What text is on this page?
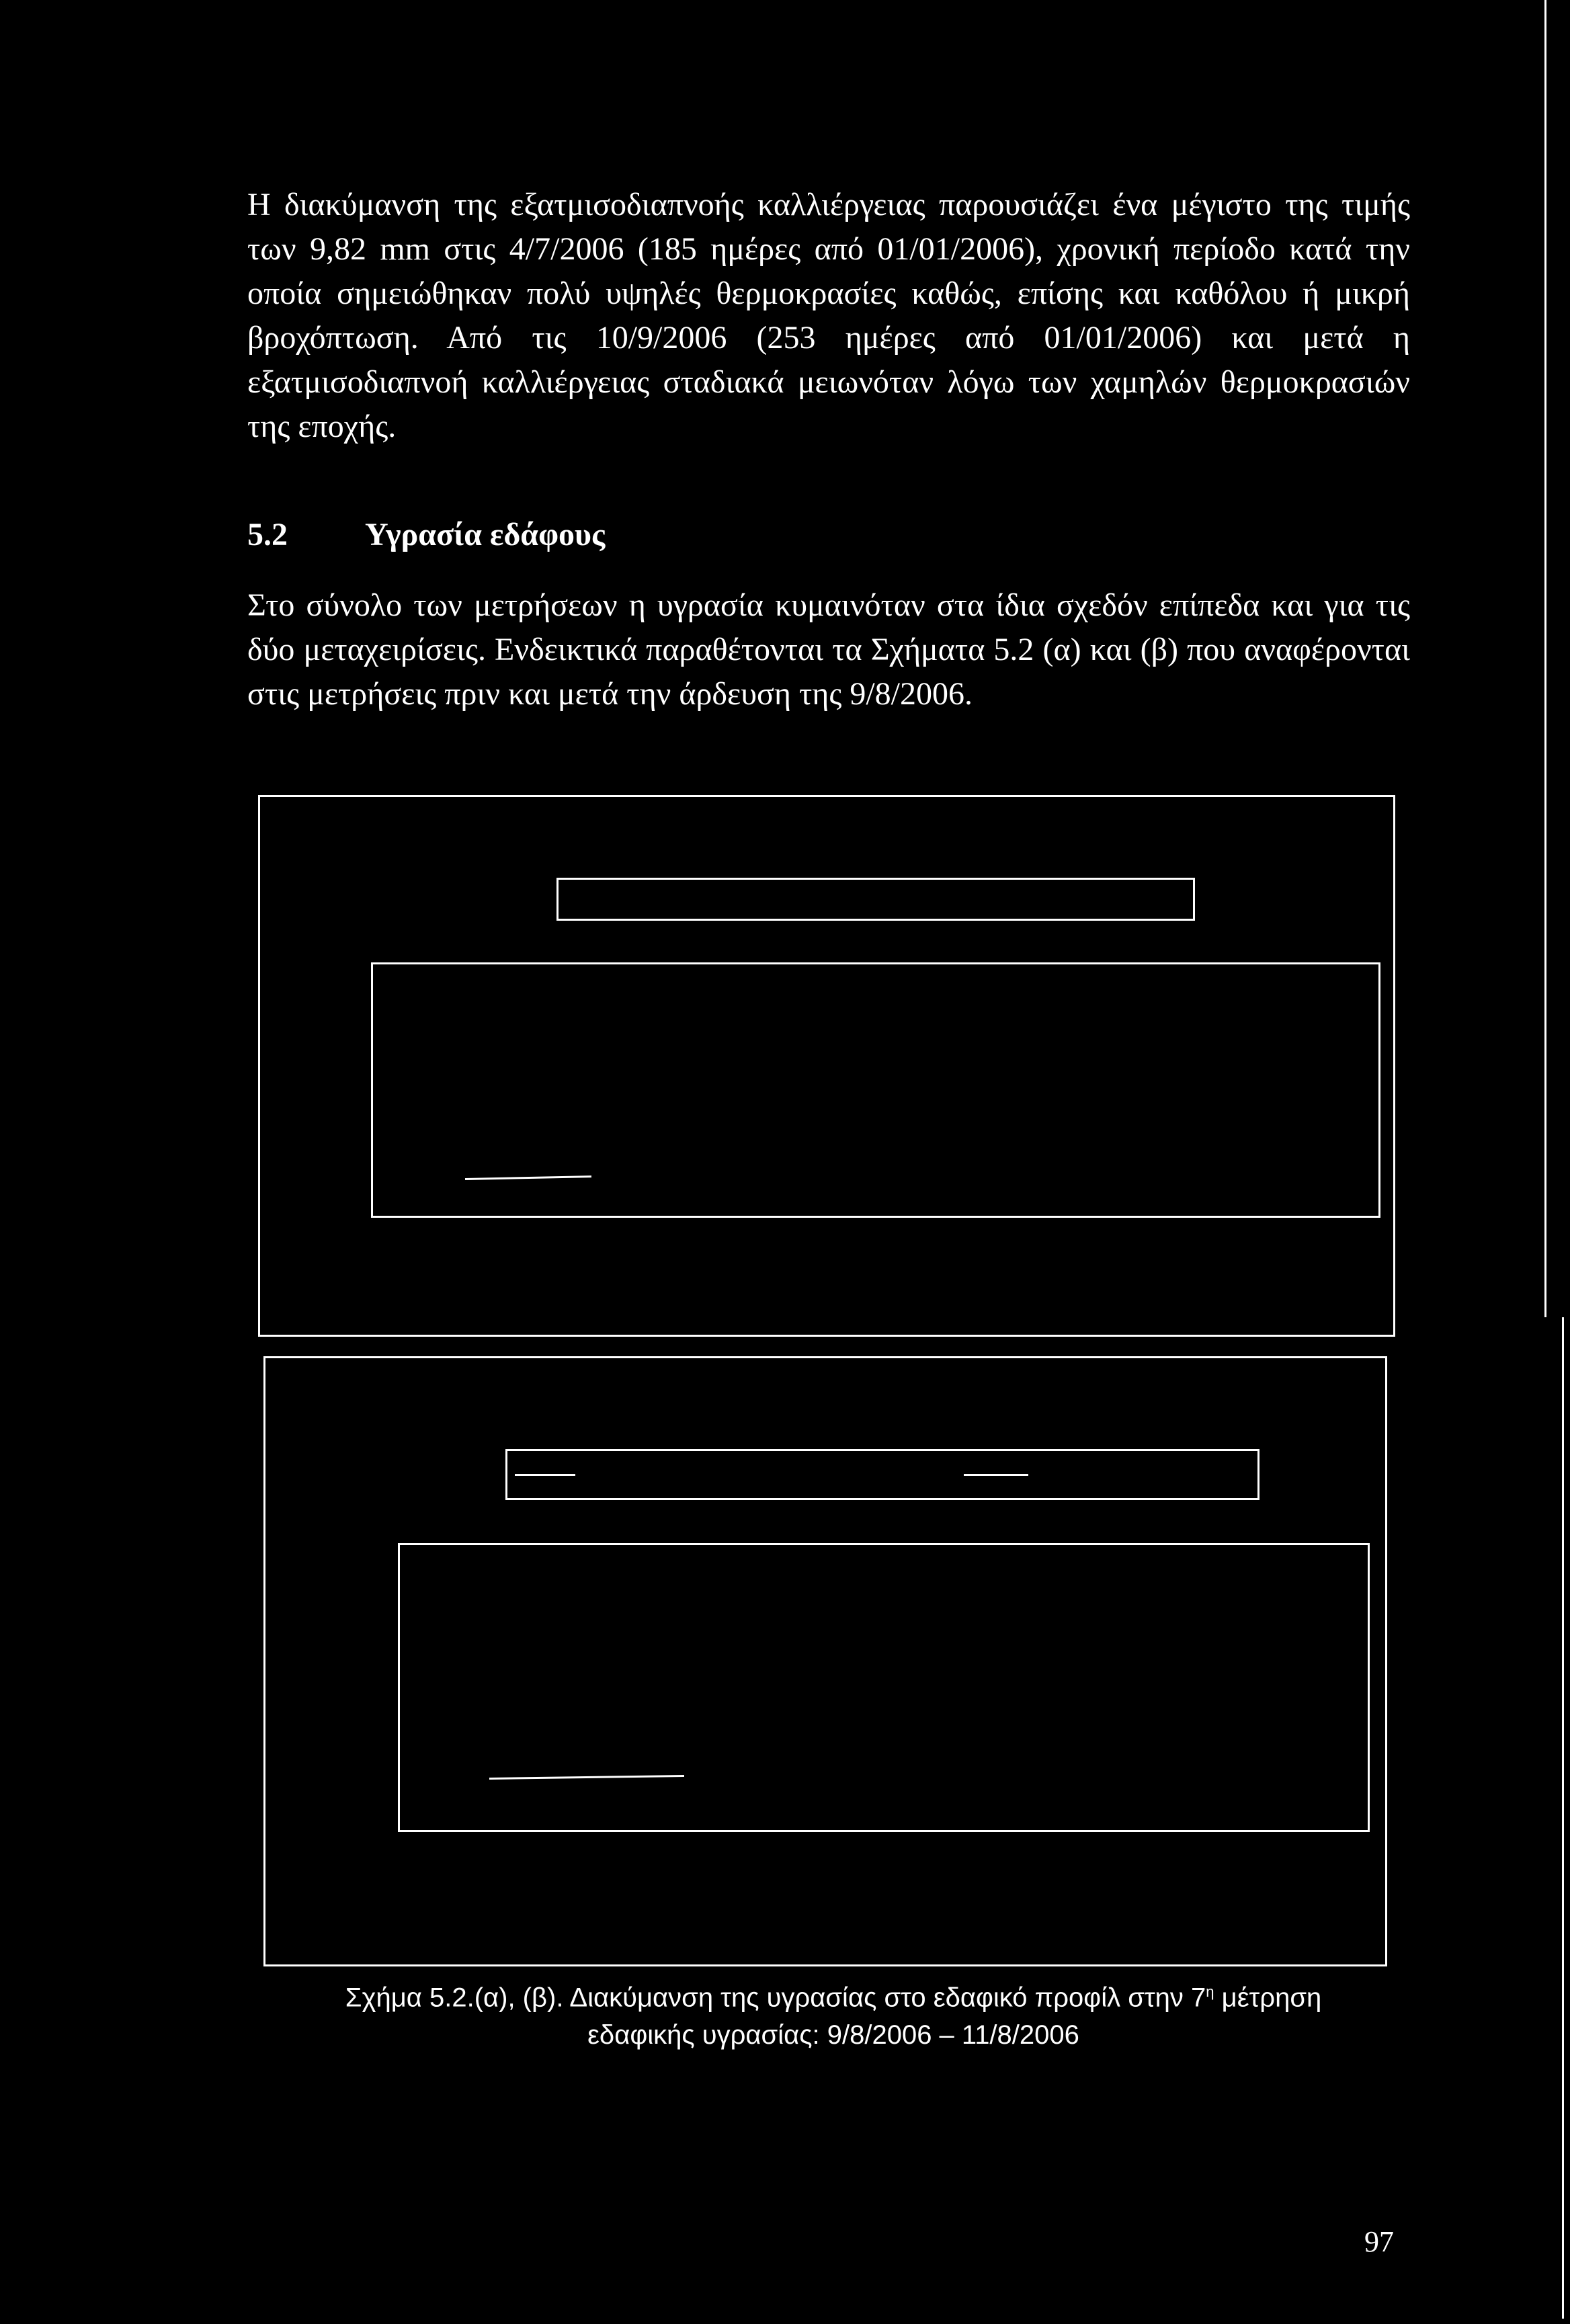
Η διακύμανση της εξατμισοδιαπνοής καλλιέργειας παρουσιάζει ένα μέγιστο της τιμής των 9,82 mm στις 4/7/2006 (185 ημέρες από 01/01/2006), χρονική περίοδο κατά την οποία σημειώθηκαν πολύ υψηλές θερμοκρασίες καθώς, επίσης και καθόλου ή μικρή βροχόπτωση. Από τις 10/9/2006 (253 ημέρες από 01/01/2006) και μετά η εξατμισοδιαπνοή καλλιέργειας σταδιακά μειωνόταν λόγω των χαμηλών θερμοκρασιών της εποχής.

5.2 Υγρασία εδάφους

Στο σύνολο των μετρήσεων η υγρασία κυμαινόταν στα ίδια σχεδόν επίπεδα και για τις δύο μεταχειρίσεις. Ενδεικτικά παραθέτονται τα Σχήματα 5.2 (α) και (β) που αναφέρονται στις μετρήσεις πριν και μετά την άρδευση της 9/8/2006.

Σχήμα 5.2.(α), (β). Διακύμανση της υγρασίας στο εδαφικό προφίλ στην $7^\eta$ μέτρηση
εδαφικής υγρασίας: 9/8/2006 – 11/8/2006
97
